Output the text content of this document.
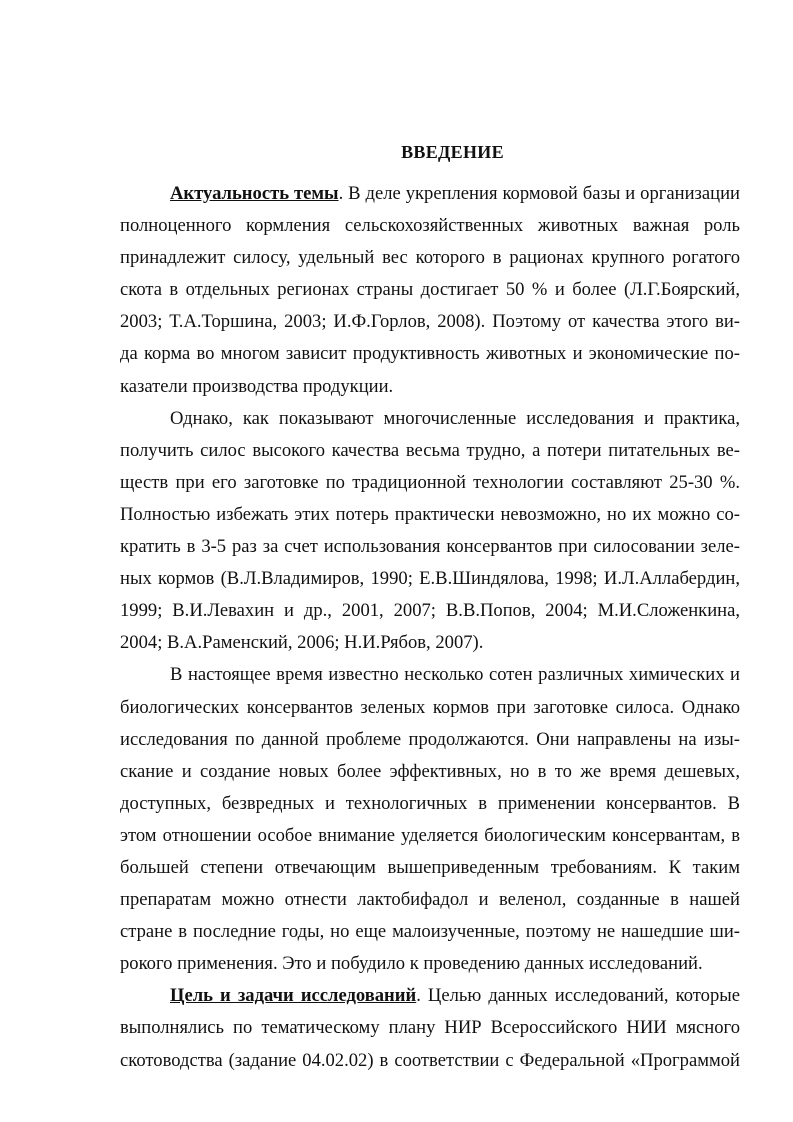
ВВЕДЕНИЕ

Актуальность темы. В деле укрепления кормовой базы и организации

полноценного кормления сельскохозяйственных животных важная роль

принадлежит силосу, удельный вес которого в рационах крупного рогатого

скота в отдельных регионах страны достигает 50 % и более (Л.Г.Боярский,

2003; Т.А.Торшина, 2003; И.Ф.Горлов, 2008). Поэтому от качества этого ви-

да корма во многом зависит продуктивность животных и экономические по-

казатели производства продукции.

Однако, как показывают многочисленные исследования и практика,

получить силос высокого качества весьма трудно, а потери питательных ве-

ществ при его заготовке по традиционной технологии составляют 25-30 %.

Полностью избежать этих потерь практически невозможно, но их можно со-

кратить в 3-5 раз за счет использования консервантов при силосовании зеле-

ных кормов (В.Л.Владимиров, 1990; Е.В.Шиндялова, 1998; И.Л.Аллабердин,

1999; В.И.Левахин и др., 2001, 2007; В.В.Попов, 2004; М.И.Сложенкина,

2004; В.А.Раменский, 2006; Н.И.Рябов, 2007).

В настоящее время известно несколько сотен различных химических и

биологических консервантов зеленых кормов при заготовке силоса. Однако

исследования по данной проблеме продолжаются. Они направлены на изы-

скание и создание новых более эффективных, но в то же время дешевых,

доступных, безвредных и технологичных в применении консервантов. В

этом отношении особое внимание уделяется биологическим консервантам, в

большей степени отвечающим вышеприведенным требованиям. К таким

препаратам можно отнести лактобифадол и веленол, созданные в нашей

стране в последние годы, но еще малоизученные, поэтому не нашедшие ши-

рокого применения. Это и побудило к проведению данных исследований.

Цель и задачи исследований. Целью данных исследований, которые

выполнялись по тематическому плану НИР Всероссийского НИИ мясного

скотоводства (задание 04.02.02) в соответствии с Федеральной «Программой
